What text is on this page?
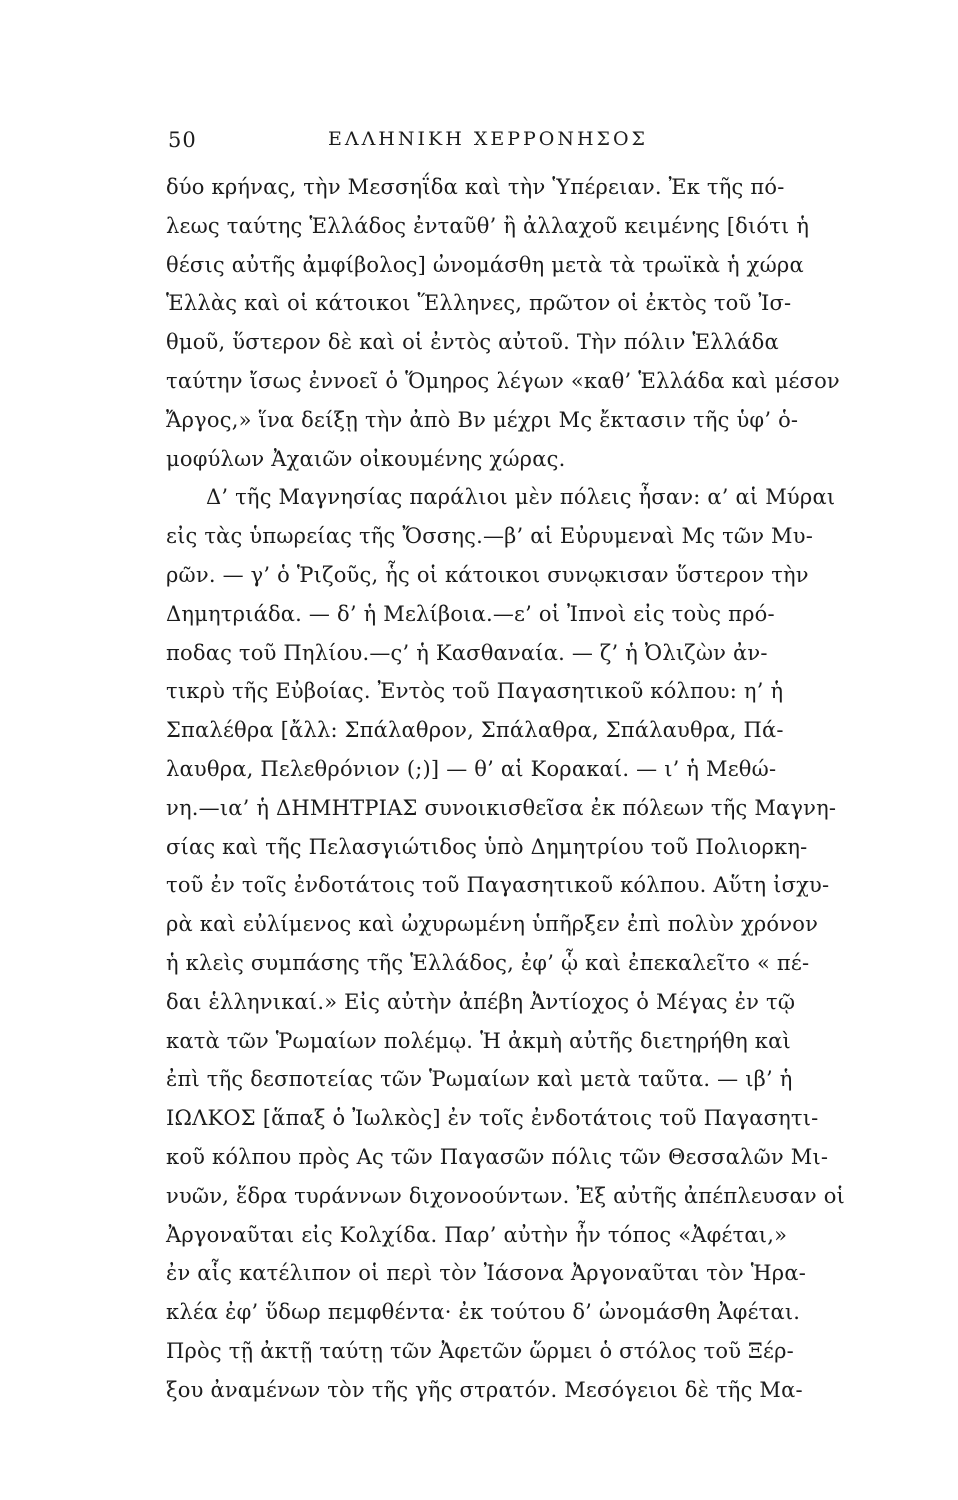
50	ΕΛΛΗΝΙΚΗ ΧΕΡΡΟΝΗΣΟΣ
δύο κρήνας, τὴν Μεσσηΐδα καὶ τὴν Ὑπέρειαν. Ἐκ τῆς πό-
λεως ταύτης Ἑλλάδος ἐνταῦθ’ ἢ ἀλλαχοῦ κειμένης [διότι ἡ
θέσις αὐτῆς ἀμφίβολος] ὠνομάσθη μετὰ τὰ τρωϊκὰ ἡ χώρα
Ἑλλὰς καὶ οἱ κάτοικοι Ἕλληνες, πρῶτον οἱ ἐκτὸς τοῦ Ἰσ-
θμοῦ, ὕστερον δὲ καὶ οἱ ἐντὸς αὐτοῦ. Τὴν πόλιν Ἑλλάδα
ταύτην ἴσως ἐννοεῖ ὁ Ὅμηρος λέγων «καθ’ Ἑλλάδα καὶ μέσον
Ἄργος,» ἵνα δείξῃ τὴν ἀπὸ Βν μέχρι Μς ἔκτασιν τῆς ὑφ’ ὁ-
μοφύλων Ἀχαιῶν οἰκουμένης χώρας.
Δ’ τῆς Μαγνησίας παράλιοι μὲν πόλεις ἦσαν: α’ αἱ Μύραι
εἰς τὰς ὑπωρείας τῆς Ὄσσης.—β’ αἱ Εὐρυμεναὶ Μς τῶν Μυ-
ρῶν. — γ’ ὁ Ῥιζοῦς, ἧς οἱ κάτοικοι συνῳκισαν ὕστερον τὴν
Δημητριάδα. — δ’ ἡ Μελίβοια.—ε’ οἱ Ἰπνοὶ εἰς τοὺς πρό-
ποδας τοῦ Πηλίου.—ς’ ἡ Κασθαναία. — ζ’ ἡ Ὀλιζὼν ἀν-
τικρὺ τῆς Εὐβοίας. Ἐντὸς τοῦ Παγασητικοῦ κόλπου: η’ ἡ
Σπαλέθρα [ἄλλ: Σπάλαθρον, Σπάλαθρα, Σπάλαυθρα, Πά-
λαυθρα, Πελεθρόνιον (;)] — θ’ αἱ Κορακαί. — ι’ ἡ Μεθώ-
νη.—ια’ ἡ ΔΗΜΗΤΡΙΑΣ συνοικισθεῖσα ἐκ πόλεων τῆς Μαγνη-
σίας καὶ τῆς Πελασγιώτιδος ὑπὸ Δημητρίου τοῦ Πολιορκη-
τοῦ ἐν τοῖς ἐνδοτάτοις τοῦ Παγασητικοῦ κόλπου. Αὕτη ἰσχυ-
ρὰ καὶ εὐλίμενος καὶ ὠχυρωμένη ὑπῆρξεν ἐπὶ πολὺν χρόνον
ἡ κλεὶς συμπάσης τῆς Ἑλλάδος, ἐφ’ ᾧ καὶ ἐπεκαλεῖτο « πέ-
δαι ἑλληνικαί.» Εἰς αὐτὴν ἀπέβη Ἀντίοχος ὁ Μέγας ἐν τῷ
κατὰ τῶν Ῥωμαίων πολέμῳ. Ἡ ἀκμὴ αὐτῆς διετηρήθη καὶ
ἐπὶ τῆς δεσποτείας τῶν Ῥωμαίων καὶ μετὰ ταῦτα. — ιβ’ ἡ
ΙΩΛΚΟΣ [ἅπαξ ὁ Ἰωλκὸς] ἐν τοῖς ἐνδοτάτοις τοῦ Παγασητι-
κοῦ κόλπου πρὸς Ας τῶν Παγασῶν πόλις τῶν Θεσσαλῶν Μι-
νυῶν, ἕδρα τυράννων διχονοούντων. Ἐξ αὐτῆς ἀπέπλευσαν οἱ
Ἀργοναῦται εἰς Κολχίδα. Παρ’ αὐτὴν ἦν τόπος «Ἀφέται,»
ἐν αἷς κατέλιπον οἱ περὶ τὸν Ἰάσονα Ἀργοναῦται τὸν Ἡρα-
κλέα ἐφ’ ὕδωρ πεμφθέντα· ἐκ τούτου δ’ ὠνομάσθη Ἀφέται.
Πρὸς τῇ ἀκτῇ ταύτῃ τῶν Ἀφετῶν ὥρμει ὁ στόλος τοῦ Ξέρ-
ξου ἀναμένων τὸν τῆς γῆς στρατόν. Μεσόγειοι δὲ τῆς Μα-
